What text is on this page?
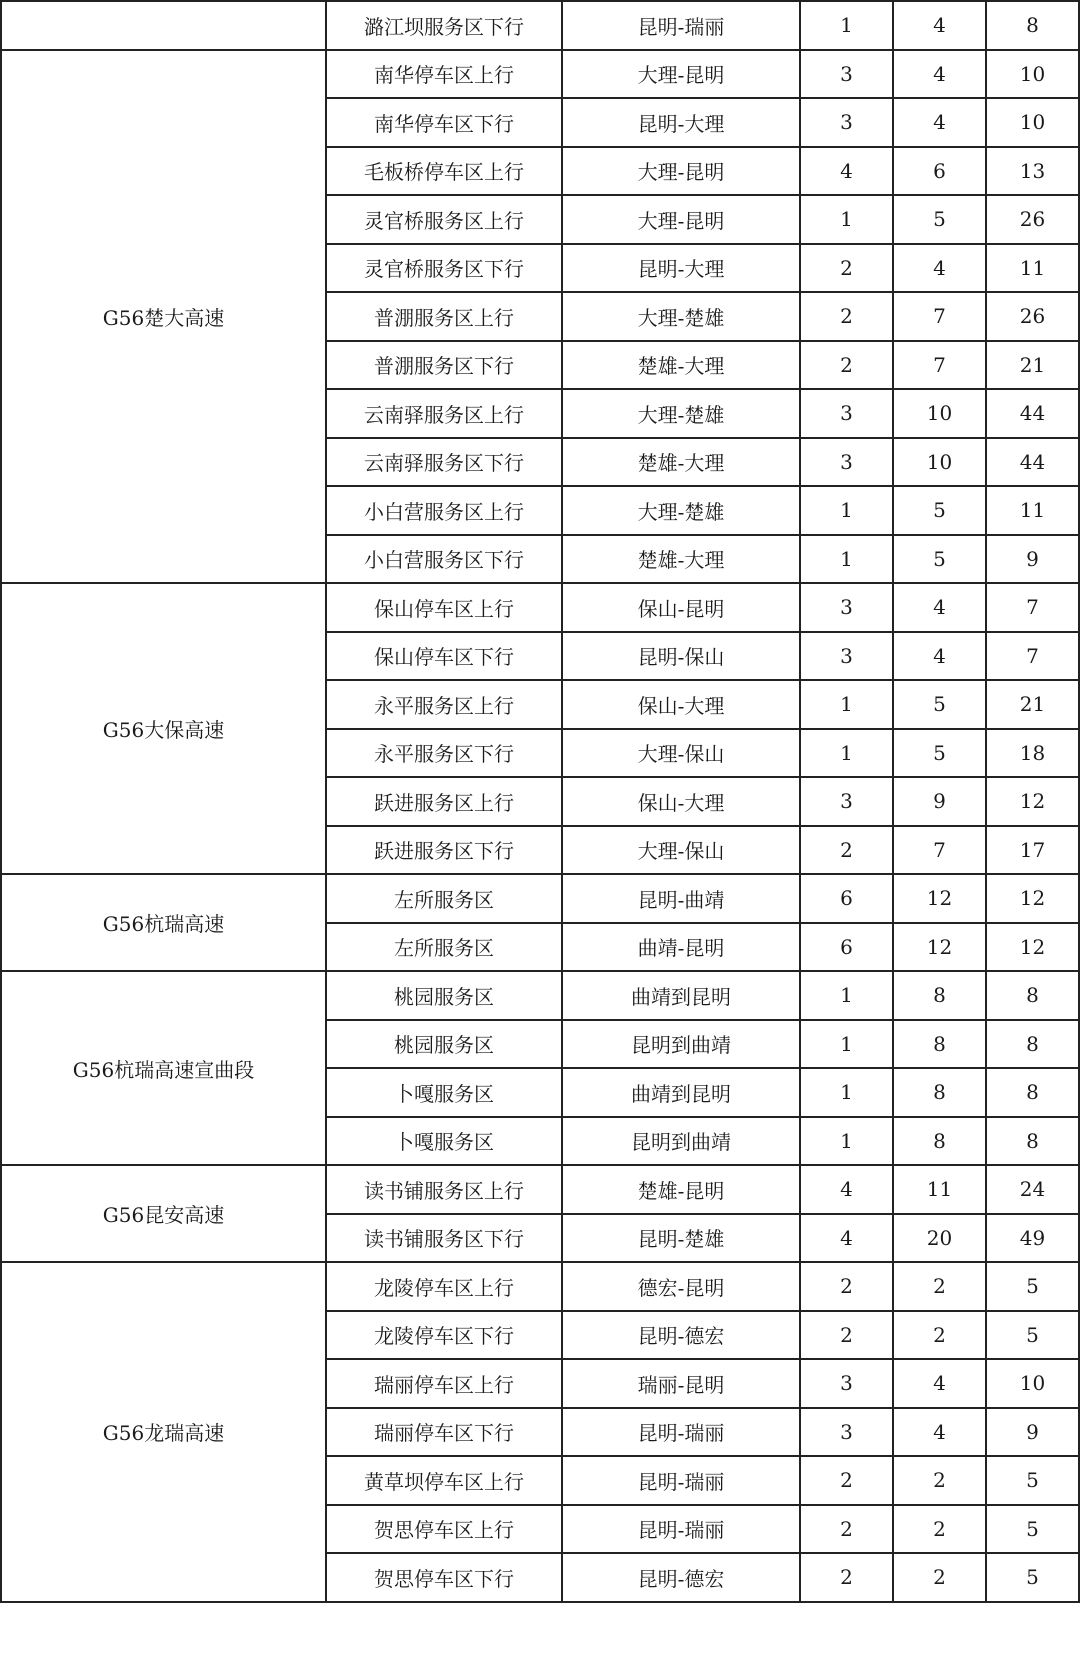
	潞江坝服务区下行	昆明-瑞丽	1	4	8
G56楚大高速	南华停车区上行	大理-昆明	3	4	10
	南华停车区下行	昆明-大理	3	4	10
	毛板桥停车区上行	大理-昆明	4	6	13
	灵官桥服务区上行	大理-昆明	1	5	26
	灵官桥服务区下行	昆明-大理	2	4	11
	普淜服务区上行	大理-楚雄	2	7	26
	普淜服务区下行	楚雄-大理	2	7	21
	云南驿服务区上行	大理-楚雄	3	10	44
	云南驿服务区下行	楚雄-大理	3	10	44
	小白营服务区上行	大理-楚雄	1	5	11
	小白营服务区下行	楚雄-大理	1	5	9
G56大保高速	保山停车区上行	保山-昆明	3	4	7
	保山停车区下行	昆明-保山	3	4	7
	永平服务区上行	保山-大理	1	5	21
	永平服务区下行	大理-保山	1	5	18
	跃进服务区上行	保山-大理	3	9	12
	跃进服务区下行	大理-保山	2	7	17
G56杭瑞高速	左所服务区	昆明-曲靖	6	12	12
	左所服务区	曲靖-昆明	6	12	12
G56杭瑞高速宣曲段	桃园服务区	曲靖到昆明	1	8	8
	桃园服务区	昆明到曲靖	1	8	8
	卜嘎服务区	曲靖到昆明	1	8	8
	卜嘎服务区	昆明到曲靖	1	8	8
G56昆安高速	读书铺服务区上行	楚雄-昆明	4	11	24
	读书铺服务区下行	昆明-楚雄	4	20	49
G56龙瑞高速	龙陵停车区上行	德宏-昆明	2	2	5
	龙陵停车区下行	昆明-德宏	2	2	5
	瑞丽停车区上行	瑞丽-昆明	3	4	10
	瑞丽停车区下行	昆明-瑞丽	3	4	9
	黄草坝停车区上行	昆明-瑞丽	2	2	5
	贺思停车区上行	昆明-瑞丽	2	2	5
	贺思停车区下行	昆明-德宏	2	2	5
